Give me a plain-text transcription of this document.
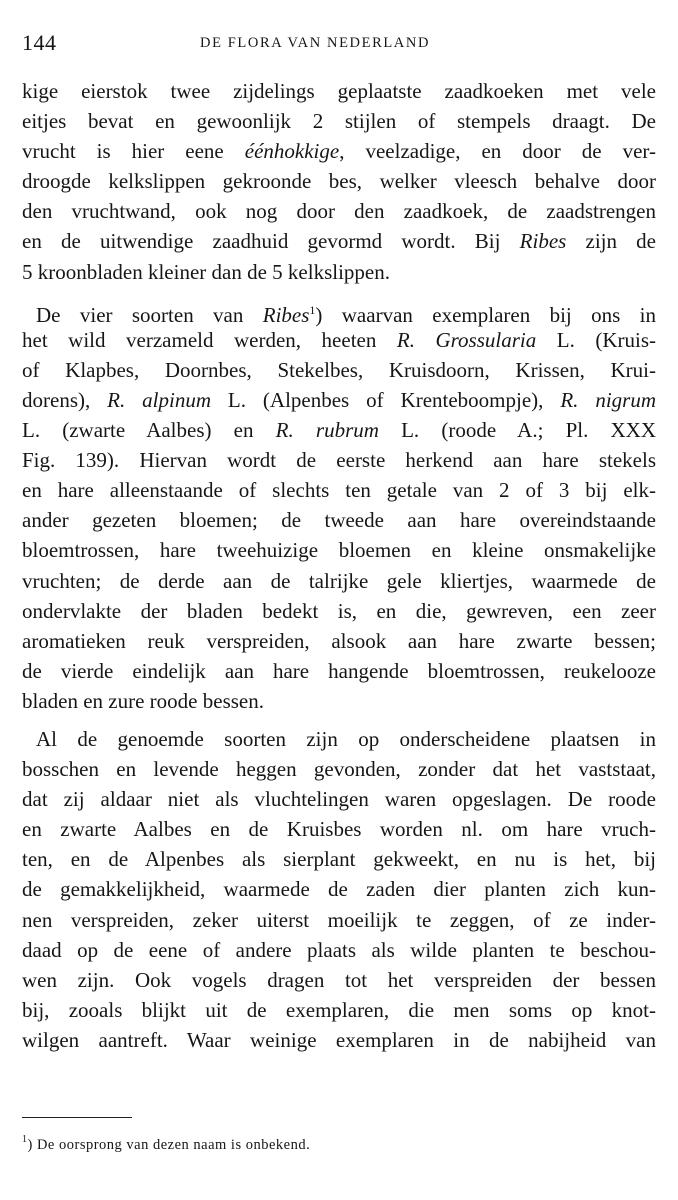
144	DE FLORA VAN NEDERLAND
kige eierstok twee zijdelings geplaatste zaadkoeken met vele
eitjes bevat en gewoonlijk 2 stijlen of stempels draagt. De
vrucht is hier eene éénhokkige, veelzadige, en door de ver-
droogde kelkslippen gekroonde bes, welker vleesch behalve door
den vruchtwand, ook nog door den zaadkoek, de zaadstrengen
en de uitwendige zaadhuid gevormd wordt. Bij Ribes zijn de
5 kroonbladen kleiner dan de 5 kelkslippen.
De vier soorten van Ribes$^1$) waarvan exemplaren bij ons in
het wild verzameld werden, heeten R. Grossularia L. (Kruis-
of Klapbes, Doornbes, Stekelbes, Kruisdoorn, Krissen, Krui-
dorens), R. alpinum L. (Alpenbes of Krenteboompje), R. nigrum
L. (zwarte Aalbes) en R. rubrum L. (roode A.; Pl. XXX
Fig. 139). Hiervan wordt de eerste herkend aan hare stekels
en hare alleenstaande of slechts ten getale van 2 of 3 bij elk-
ander gezeten bloemen; de tweede aan hare overeindstaande
bloemtrossen, hare tweehuizige bloemen en kleine onsmakelijke
vruchten; de derde aan de talrijke gele kliertjes, waarmede de
ondervlakte der bladen bedekt is, en die, gewreven, een zeer
aromatieken reuk verspreiden, alsook aan hare zwarte bessen;
de vierde eindelijk aan hare hangende bloemtrossen, reukelooze
bladen en zure roode bessen.
Al de genoemde soorten zijn op onderscheidene plaatsen in
bosschen en levende heggen gevonden, zonder dat het vaststaat,
dat zij aldaar niet als vluchtelingen waren opgeslagen. De roode
en zwarte Aalbes en de Kruisbes worden nl. om hare vruch-
ten, en de Alpenbes als sierplant gekweekt, en nu is het, bij
de gemakkelijkheid, waarmede de zaden dier planten zich kun-
nen verspreiden, zeker uiterst moeilijk te zeggen, of ze inder-
daad op de eene of andere plaats als wilde planten te beschou-
wen zijn. Ook vogels dragen tot het verspreiden der bessen
bij, zooals blijkt uit de exemplaren, die men soms op knot-
wilgen aantreft. Waar weinige exemplaren in de nabijheid van
$^1$) De oorsprong van dezen naam is onbekend.
